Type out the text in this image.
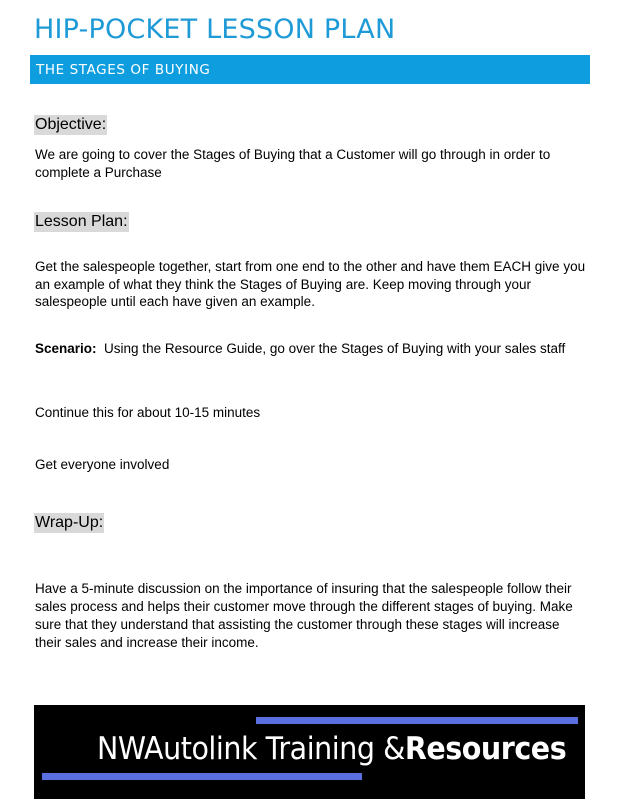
HIP-POCKET LESSON PLAN
THE STAGES OF BUYING
Objective:
We are going to cover the Stages of Buying that a Customer will go through in order to complete a Purchase
Lesson Plan:
Get the salespeople together, start from one end to the other and have them EACH give you an example of what they think the Stages of Buying are. Keep moving through your salespeople until each have given an example.
Scenario: Using the Resource Guide, go over the Stages of Buying with your sales staff
Continue this for about 10-15 minutes
Get everyone involved
Wrap-Up:
Have a 5-minute discussion on the importance of insuring that the salespeople follow their sales process and helps their customer move through the different stages of buying. Make sure that they understand that assisting the customer through these stages will increase their sales and increase their income.
NWAutolink Training &Resources
